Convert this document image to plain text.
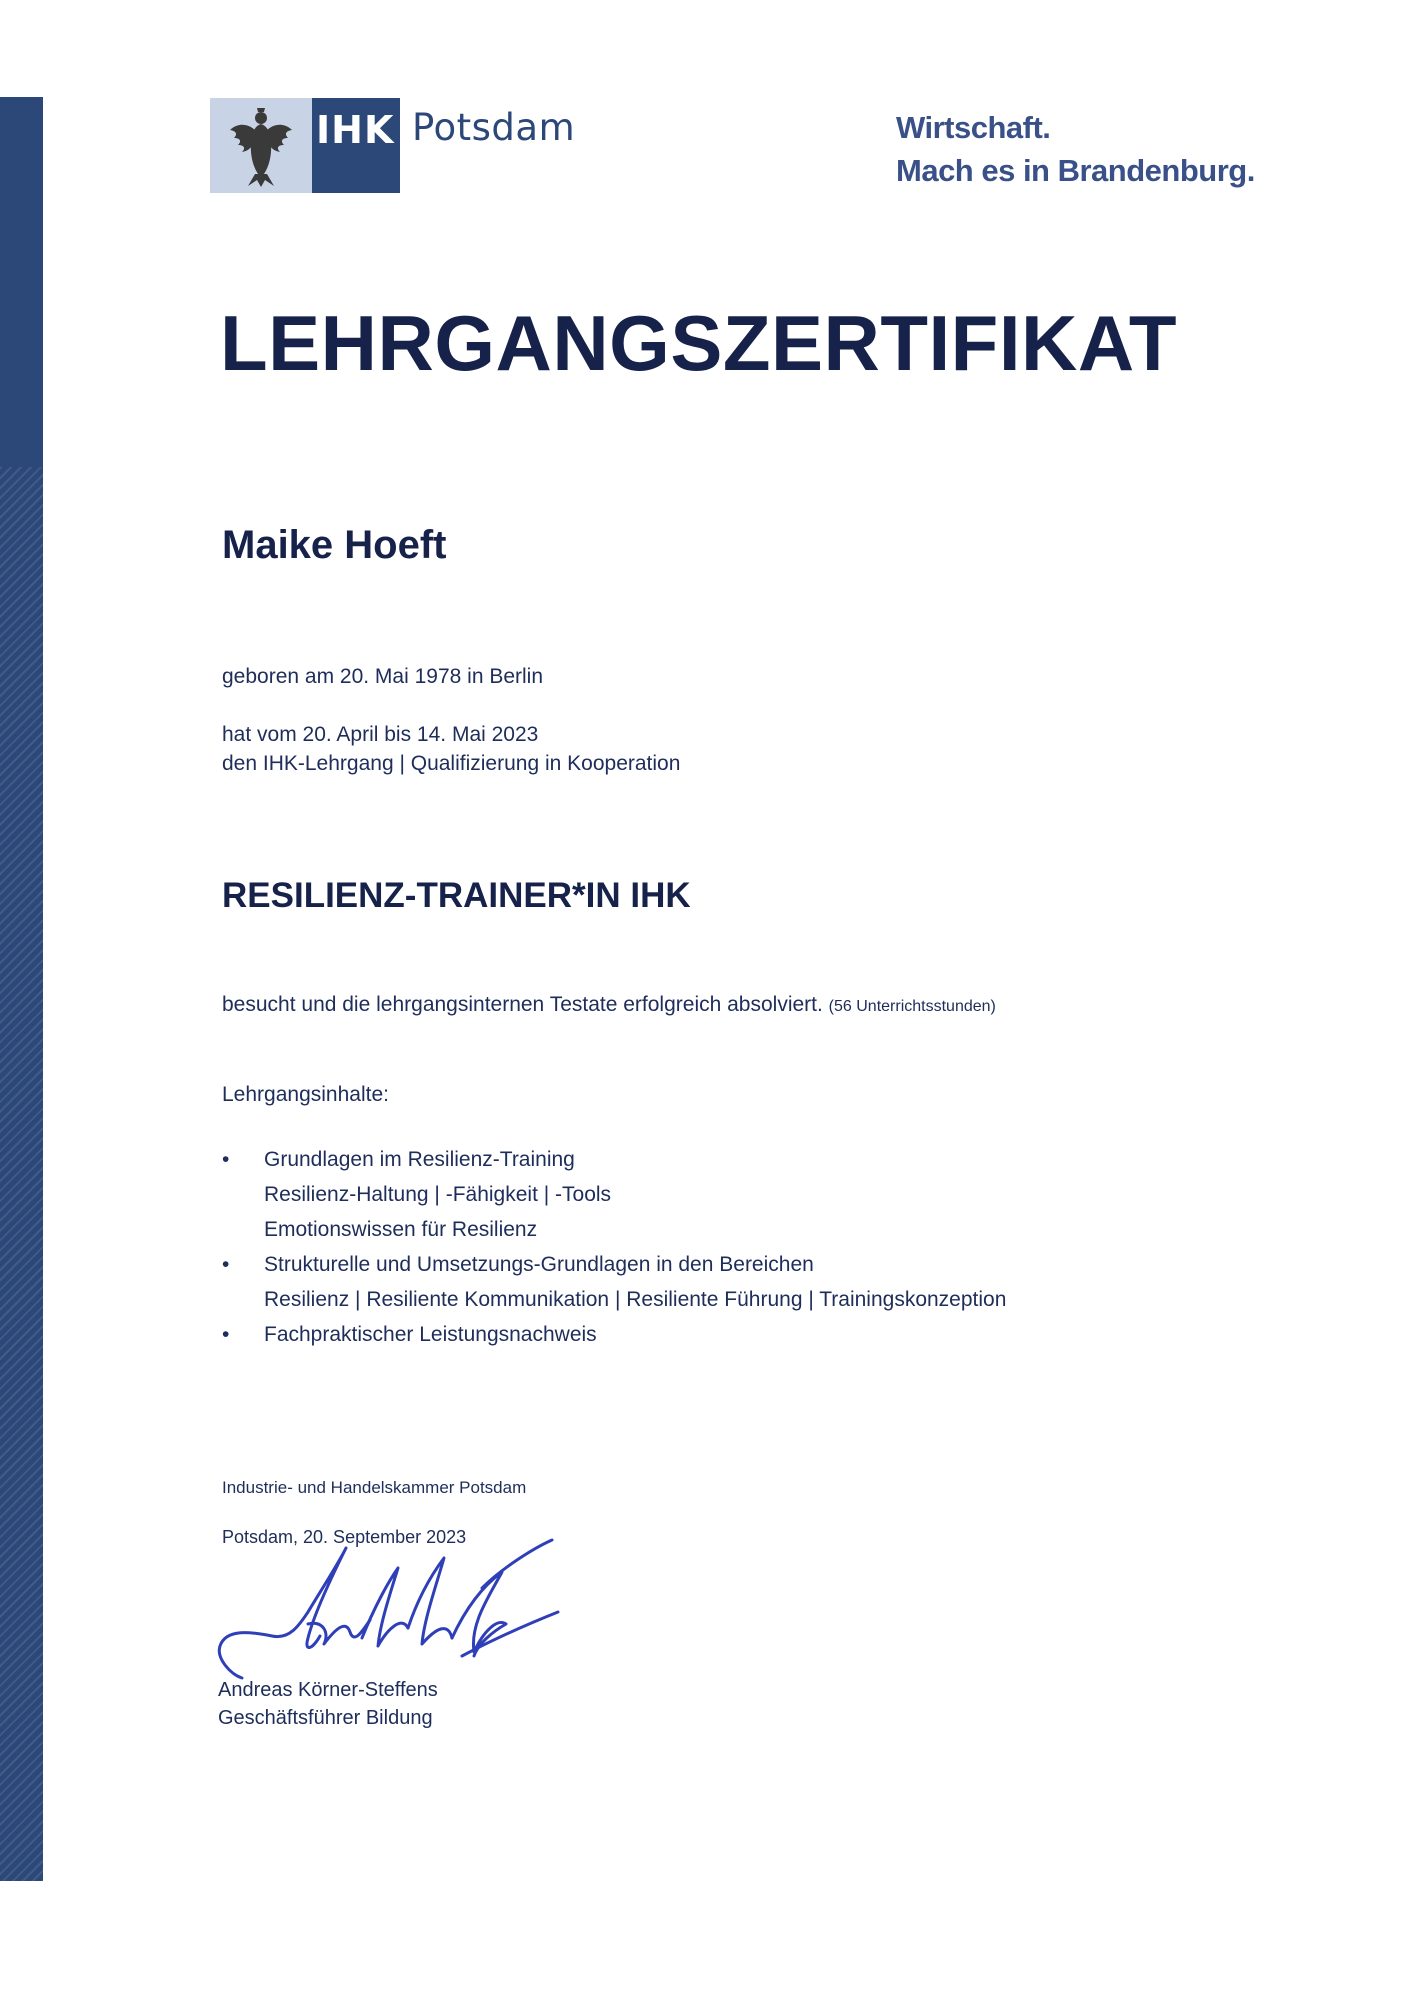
IHK Potsdam	Wirtschaft.
Mach es in Brandenburg.
LEHRGANGSZERTIFIKAT
Maike Hoeft
geboren am 20. Mai 1978 in Berlin
hat vom 20. April bis 14. Mai 2023
den IHK-Lehrgang | Qualifizierung in Kooperation
RESILIENZ-TRAINER*IN IHK
besucht und die lehrgangsinternen Testate erfolgreich absolviert. (56 Unterrichtsstunden)
Lehrgangsinhalte:
• Grundlagen im Resilienz-Training
Resilienz-Haltung | -Fähigkeit | -Tools
Emotionswissen für Resilienz
• Strukturelle und Umsetzungs-Grundlagen in den Bereichen
Resilienz | Resiliente Kommunikation | Resiliente Führung | Trainingskonzeption
• Fachpraktischer Leistungsnachweis
Industrie- und Handelskammer Potsdam
Potsdam, 20. September 2023
Andreas Körner-Steffens
Geschäftsführer Bildung
